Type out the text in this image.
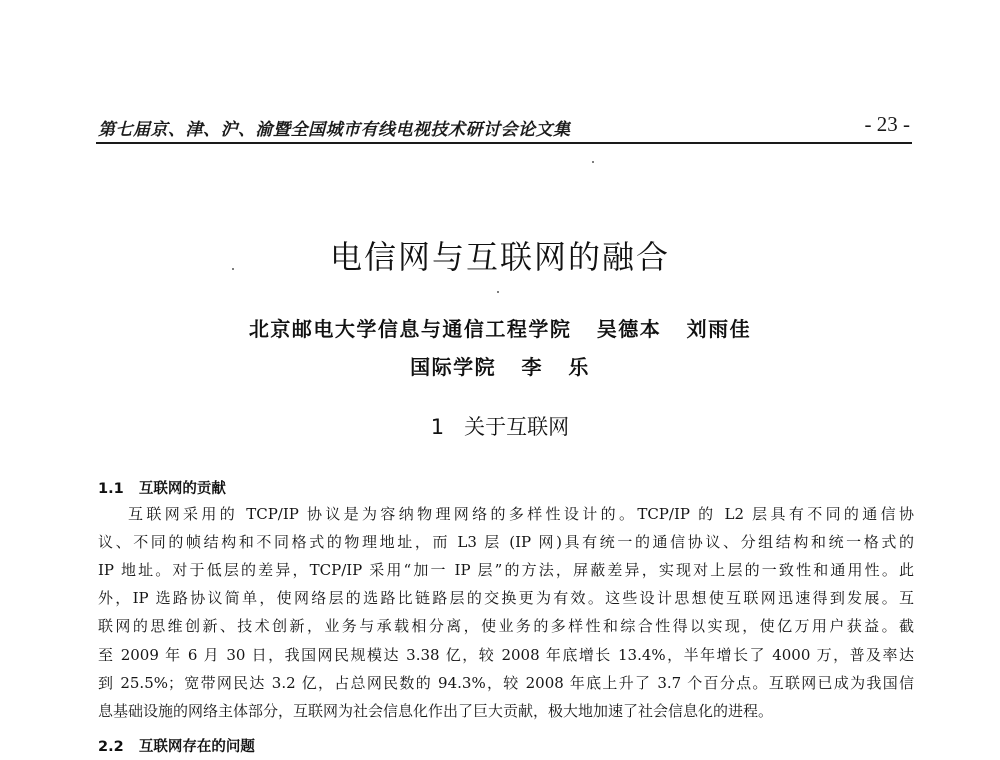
第七届京、津、沪、渝暨全国城市有线电视技术研讨会论文集	- 23 -
电信网与互联网的融合
北京邮电大学信息与通信工程学院   吴德本   刘雨佳
国际学院   李   乐
1   关于互联网
1.1   互联网的贡献
互联网采用的 TCP/IP 协议是为容纳物理网络的多样性设计的。TCP/IP 的 L2 层具有不同的通信协
议、不同的帧结构和不同格式的物理地址，而 L3 层 (IP 网)具有统一的通信协议、分组结构和统一格式的
IP 地址。对于低层的差异，TCP/IP 采用“加一 IP 层”的方法，屏蔽差异，实现对上层的一致性和通用性。此
外，IP 选路协议简单，使网络层的选路比链路层的交换更为有效。这些设计思想使互联网迅速得到发展。互
联网的思维创新、技术创新，业务与承载相分离，使业务的多样性和综合性得以实现，使亿万用户获益。截
至 2009 年 6 月 30 日，我国网民规模达 3.38 亿，较 2008 年底增长 13.4%，半年增长了 4000 万，普及率达
到 25.5%；宽带网民达 3.2 亿，占总网民数的 94.3%，较 2008 年底上升了 3.7 个百分点。互联网已成为我国信
息基础设施的网络主体部分，互联网为社会信息化作出了巨大贡献，极大地加速了社会信息化的进程。
2.2   互联网存在的问题
